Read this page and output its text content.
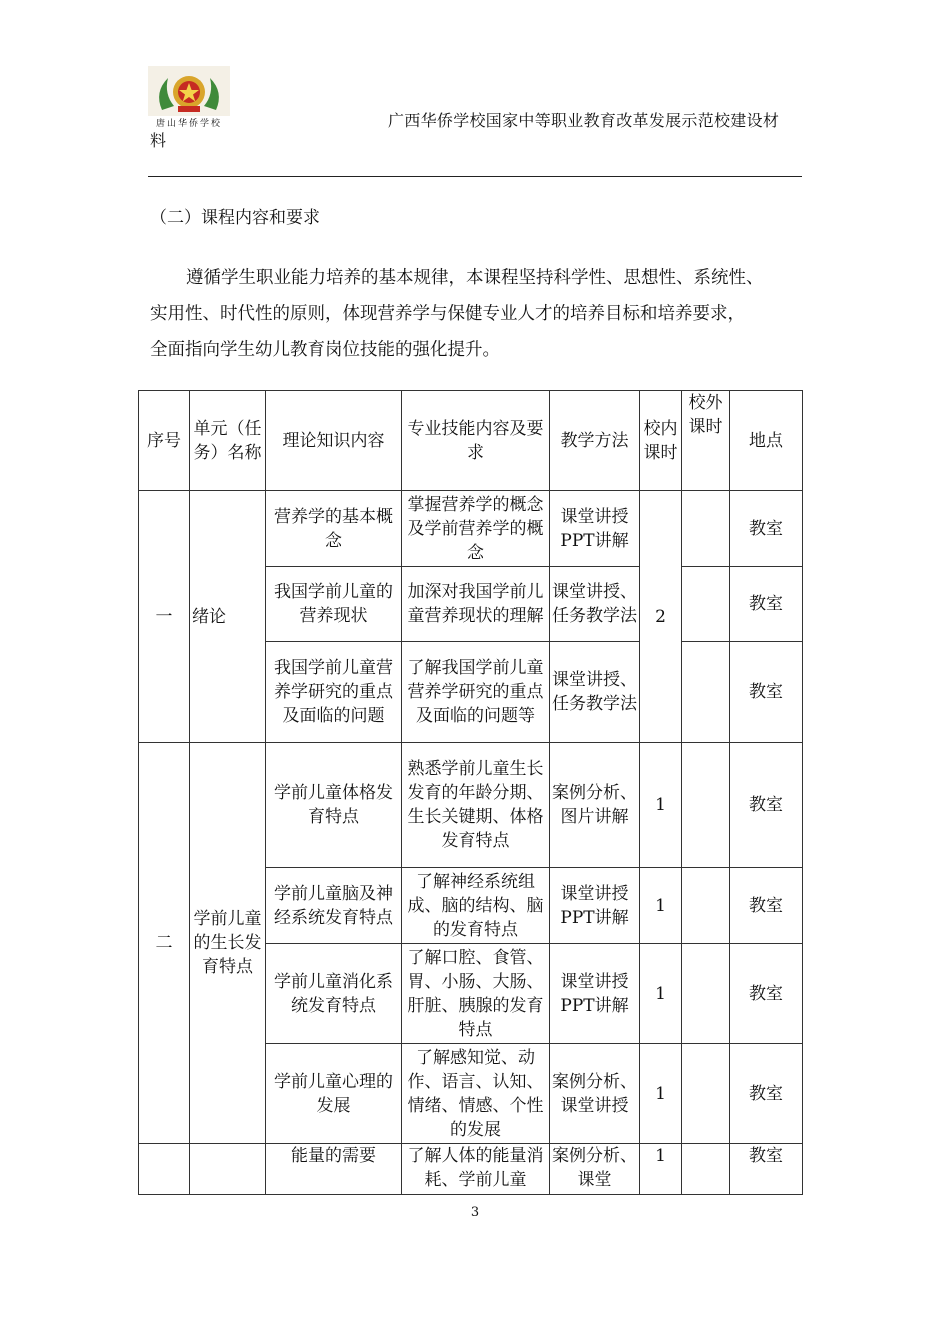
唐山华侨学校	广西华侨学校国家中等职业教育改革发展示范校建设材
料
（二）课程内容和要求

遵循学生职业能力培养的基本规律，本课程坚持科学性、思想性、系统性、

实用性、时代性的原则，体现营养学与保健专业人才的培养目标和培养要求，

全面指向学生幼儿教育岗位技能的强化提升。

序号	单元（任务）名称	理论知识内容	专业技能内容及要求	教学方法	校内课时	校外课时	地点
一	绪论	营养学的基本概念	掌握营养学的概念及学前营养学的概念	课堂讲授PPT讲解	2		教室
		我国学前儿童的营养现状	加深对我国学前儿童营养现状的理解	课堂讲授、任务教学法			教室
		我国学前儿童营养学研究的重点及面临的问题	了解我国学前儿童营养学研究的重点及面临的问题等	课堂讲授、任务教学法			教室
二	学前儿童的生长发育特点	学前儿童体格发育特点	熟悉学前儿童生长发育的年龄分期、生长关键期、体格发育特点	案例分析、图片讲解	1		教室
		学前儿童脑及神经系统发育特点	了解神经系统组成、脑的结构、脑的发育特点	课堂讲授PPT讲解	1		教室
		学前儿童消化系统发育特点	了解口腔、食管、胃、小肠、大肠、肝脏、胰腺的发育特点	课堂讲授PPT讲解	1		教室
		学前儿童心理的发展	了解感知觉、动作、语言、认知、情绪、情感、个性的发展	案例分析、课堂讲授	1		教室
		能量的需要	了解人体的能量消耗、学前儿童	案例分析、课堂	1		教室
3
